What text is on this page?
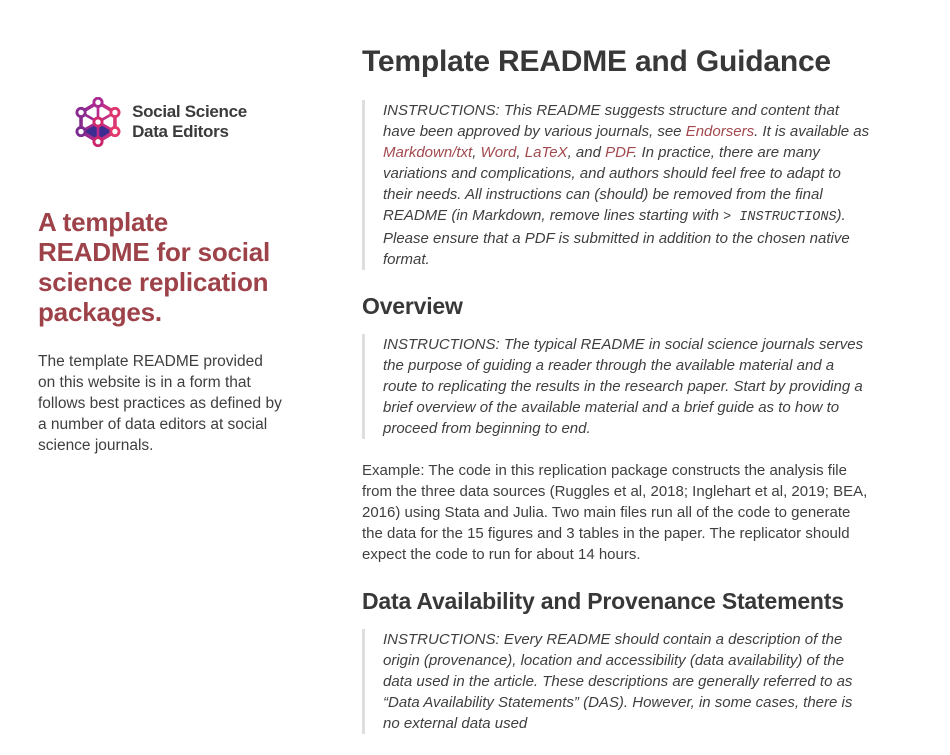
Social Science
Data Editors
A template README for social science replication packages.

The template README provided on this website is in a form that follows best practices as defined by a number of data editors at social science journals.

Template README and Guidance
INSTRUCTIONS: This README suggests structure and content that have been approved by various journals, see Endorsers. It is available as Markdown/txt, Word, LaTeX, and PDF. In practice, there are many variations and complications, and authors should feel free to adapt to their needs. All instructions can (should) be removed from the final README (in Markdown, remove lines starting with > INSTRUCTIONS). Please ensure that a PDF is submitted in addition to the chosen native format.
Overview
INSTRUCTIONS: The typical README in social science journals serves the purpose of guiding a reader through the available material and a route to replicating the results in the research paper. Start by providing a brief overview of the available material and a brief guide as to how to proceed from beginning to end.

Example: The code in this replication package constructs the analysis file from the three data sources (Ruggles et al, 2018; Inglehart et al, 2019; BEA, 2016) using Stata and Julia. Two main files run all of the code to generate the data for the 15 figures and 3 tables in the paper. The replicator should expect the code to run for about 14 hours.

Data Availability and Provenance Statements
INSTRUCTIONS: Every README should contain a description of the origin (provenance), location and accessibility (data availability) of the data used in the article. These descriptions are generally referred to as “Data Availability Statements” (DAS). However, in some cases, there is no external data used
